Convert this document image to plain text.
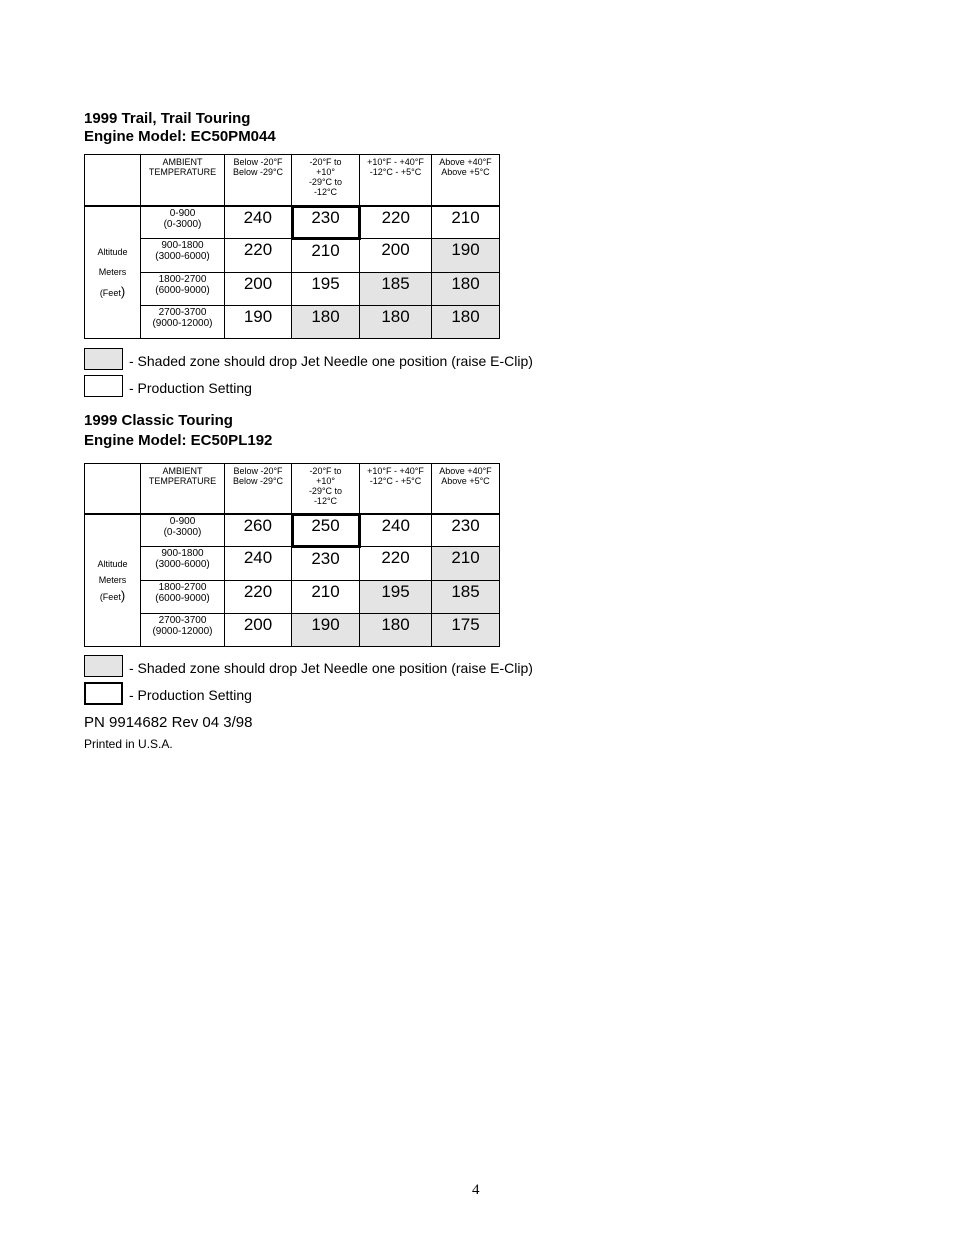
1999 Trail, Trail Touring

Engine Model: EC50PM044

	AMBIENT
TEMPERATURE	Below -20°F
Below -29°C	-20°F to
+10°
-29°C to
-12°C	+10°F - +40°F
-12°C - +5°C	Above +40°F
Above +5°C
Altitude
Meters
(Feet)	0-900
(0-3000)	240	230	220	210
	900-1800
(3000-6000)	220	210	200	190
	1800-2700
(6000-9000)	200	195	185	180
	2700-3700
(9000-12000)	190	180	180	180
- Shaded zone should drop Jet Needle one position (raise E-Clip)
- Production Setting

1999 Classic Touring

Engine Model: EC50PL192

	AMBIENT
TEMPERATURE	Below -20°F
Below -29°C	-20°F to
+10°
-29°C to
-12°C	+10°F - +40°F
-12°C - +5°C	Above +40°F
Above +5°C
Altitude
Meters
(Feet)	0-900
(0-3000)	260	250	240	230
	900-1800
(3000-6000)	240	230	220	210
	1800-2700
(6000-9000)	220	210	195	185
	2700-3700
(9000-12000)	200	190	180	175
- Shaded zone should drop Jet Needle one position (raise E-Clip)
- Production Setting
PN 9914682 Rev 04 3/98
Printed in U.S.A.
4
